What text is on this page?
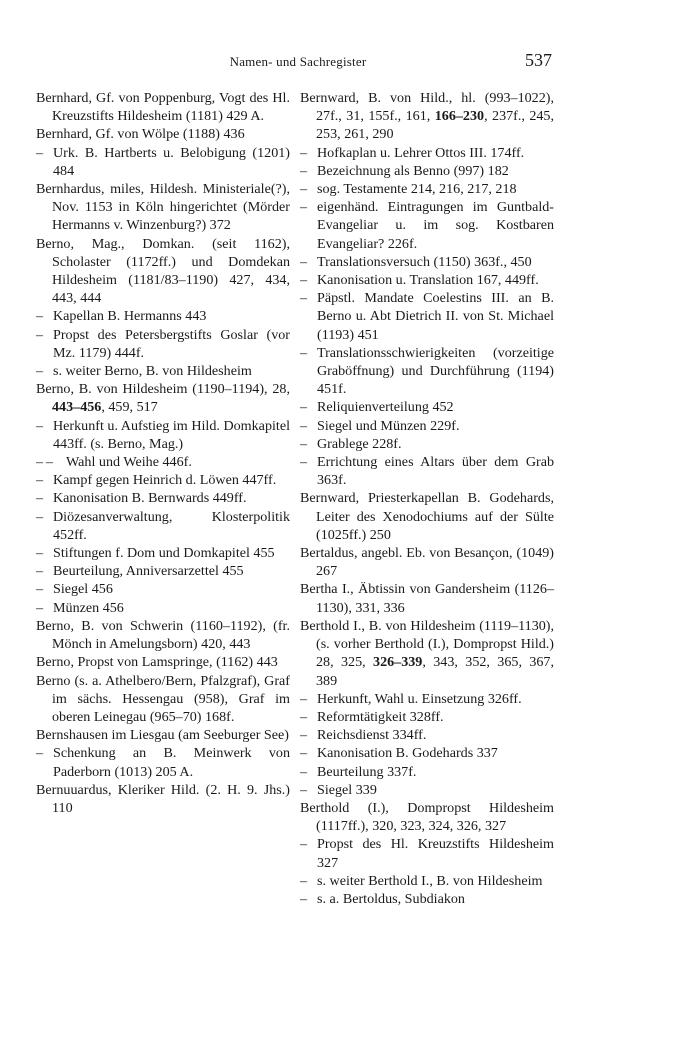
Namen- und Sachregister	537
Bernhard, Gf. von Poppenburg, Vogt des Hl. Kreuzstifts Hildesheim (1181) 429 A.
Bernhard, Gf. von Wölpe (1188) 436
– Urk. B. Hartberts u. Belobigung (1201) 484
Bernhardus, miles, Hildesh. Ministeriale(?), Nov. 1153 in Köln hingerichtet (Mörder Hermanns v. Winzenburg?) 372
Berno, Mag., Domkan. (seit 1162), Scholaster (1172ff.) und Domdekan Hildesheim (1181/83–1190) 427, 434, 443, 444
– Kapellan B. Hermanns 443
– Propst des Petersbergstifts Goslar (vor Mz. 1179) 444f.
– s. weiter Berno, B. von Hildesheim
Berno, B. von Hildesheim (1190–1194), 28, 443–456, 459, 517
– Herkunft u. Aufstieg im Hild. Domkapitel 443ff. (s. Berno, Mag.)
– – Wahl und Weihe 446f.
– Kampf gegen Heinrich d. Löwen 447ff.
– Kanonisation B. Bernwards 449ff.
– Diözesanverwaltung, Klosterpolitik 452ff.
– Stiftungen f. Dom und Domkapitel 455
– Beurteilung, Anniversarzettel 455
– Siegel 456
– Münzen 456
Berno, B. von Schwerin (1160–1192), (fr. Mönch in Amelungsborn) 420, 443
Berno, Propst von Lamspringe, (1162) 443
Berno (s. a. Athelbero/Bern, Pfalzgraf), Graf im sächs. Hessengau (958), Graf im oberen Leinegau (965–70) 168f.
Bernshausen im Liesgau (am Seeburger See)
– Schenkung an B. Meinwerk von Paderborn (1013) 205 A.
Bernuuardus, Kleriker Hild. (2. H. 9. Jhs.) 110
Bernward, B. von Hild., hl. (993–1022), 27f., 31, 155f., 161, 166–230, 237f., 245, 253, 261, 290
– Hofkaplan u. Lehrer Ottos III. 174ff.
– Bezeichnung als Benno (997) 182
– sog. Testamente 214, 216, 217, 218
– eigenhänd. Eintragungen im Guntbald-Evangeliar u. im sog. Kostbaren Evangeliar? 226f.
– Translationsversuch (1150) 363f., 450
– Kanonisation u. Translation 167, 449ff.
– Päpstl. Mandate Coelestins III. an B. Berno u. Abt Dietrich II. von St. Michael (1193) 451
– Translationsschwierigkeiten (vorzeitige Graböffnung) und Durchführung (1194) 451f.
– Reliquienverteilung 452
– Siegel und Münzen 229f.
– Grablege 228f.
– Errichtung eines Altars über dem Grab 363f.
Bernward, Priesterkapellan B. Godehards, Leiter des Xenodochiums auf der Sülte (1025ff.) 250
Bertaldus, angebl. Eb. von Besançon, (1049) 267
Bertha I., Äbtissin von Gandersheim (1126–1130), 331, 336
Berthold I., B. von Hildesheim (1119–1130), (s. vorher Berthold (I.), Dompropst Hild.) 28, 325, 326–339, 343, 352, 365, 367, 389
– Herkunft, Wahl u. Einsetzung 326ff.
– Reformtätigkeit 328ff.
– Reichsdienst 334ff.
– Kanonisation B. Godehards 337
– Beurteilung 337f.
– Siegel 339
Berthold (I.), Dompropst Hildesheim (1117ff.), 320, 323, 324, 326, 327
– Propst des Hl. Kreuzstifts Hildesheim 327
– s. weiter Berthold I., B. von Hildesheim
– s. a. Bertoldus, Subdiakon
